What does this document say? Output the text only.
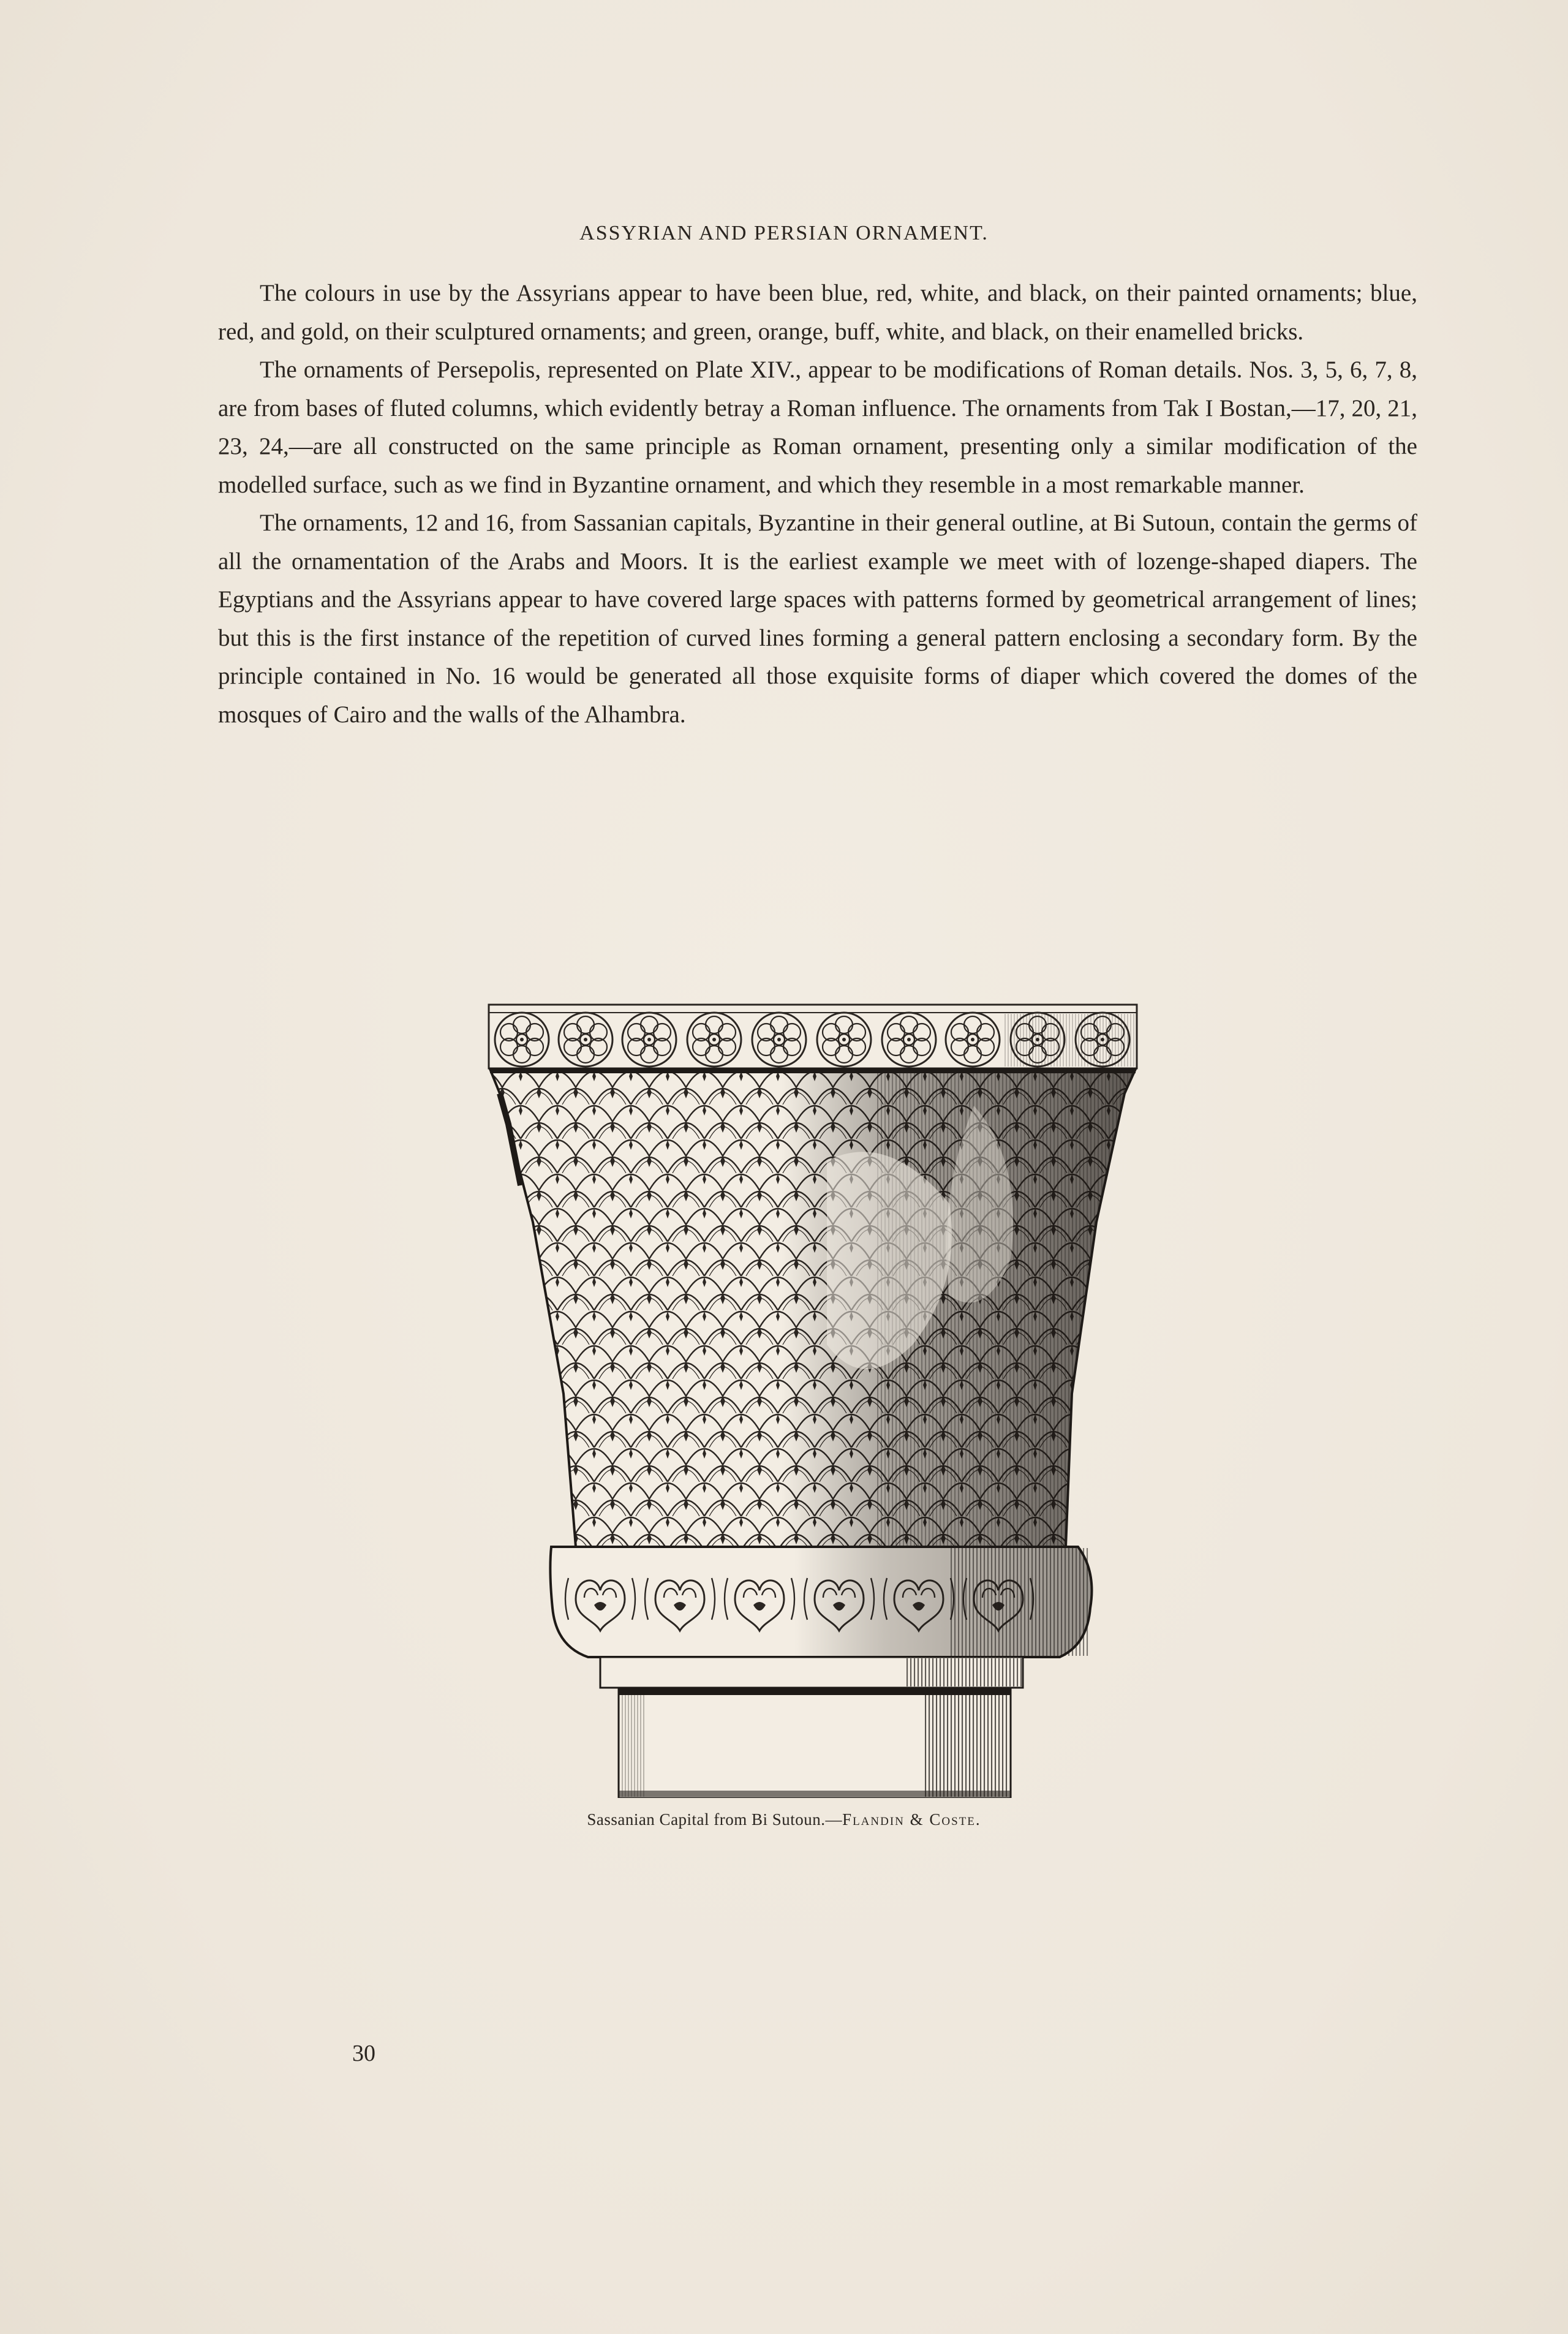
ASSYRIAN AND PERSIAN ORNAMENT.

The colours in use by the Assyrians appear to have been blue, red, white, and black, on their painted ornaments; blue, red, and gold, on their sculptured ornaments; and green, orange, buff, white, and black, on their enamelled bricks.

The ornaments of Persepolis, represented on Plate XIV., appear to be modifications of Roman details. Nos. 3, 5, 6, 7, 8, are from bases of fluted columns, which evidently betray a Roman influence. The ornaments from Tak I Bostan,—17, 20, 21, 23, 24,—are all constructed on the same principle as Roman ornament, presenting only a similar modification of the modelled surface, such as we find in Byzantine ornament, and which they resemble in a most remarkable manner.

The ornaments, 12 and 16, from Sassanian capitals, Byzantine in their general outline, at Bi Sutoun, contain the germs of all the ornamentation of the Arabs and Moors. It is the earliest example we meet with of lozenge-shaped diapers. The Egyptians and the Assyrians appear to have covered large spaces with patterns formed by geometrical arrangement of lines; but this is the first instance of the repetition of curved lines forming a general pattern enclosing a secondary form. By the principle contained in No. 16 would be generated all those exquisite forms of diaper which covered the domes of the mosques of Cairo and the walls of the Alhambra.

Sassanian Capital from Bi Sutoun.—Flandin & Coste.
30
